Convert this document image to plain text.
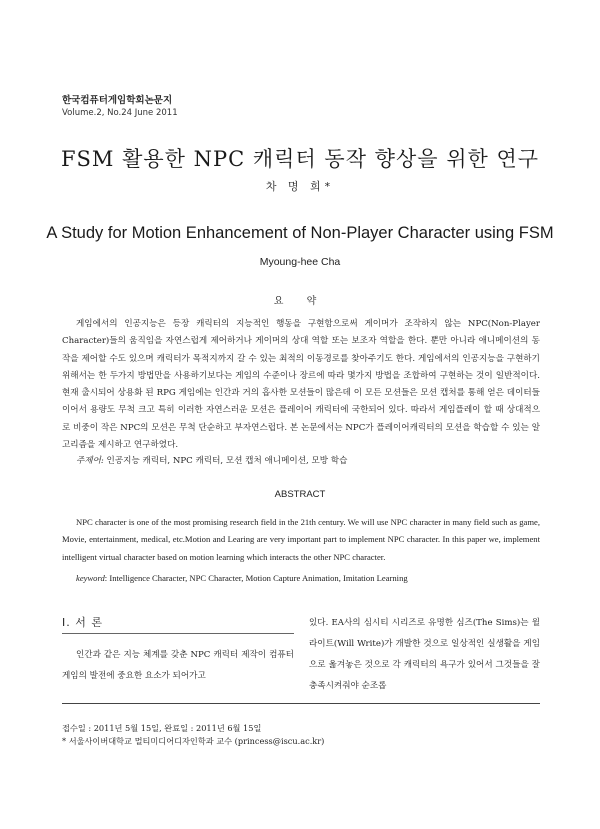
한국컴퓨터게임학회논문지
Volume.2, No.24 June 2011
FSM 활용한 NPC 캐릭터 동작 향상을 위한 연구
차 명 희*
A Study for Motion Enhancement of Non-Player Character using FSM
Myoung-hee Cha
요 약

게임에서의 인공지능은 등장 캐릭터의 지능적인 행동을 구현함으로써 게이머가 조작하지 않는 NPC(Non-Player Character)들의 움직임을 자연스럽게 제어하거나 게이머의 상대 역할 또는 보조자 역할을 한다. 뿐만 아니라 애니메이션의 동작을 제어할 수도 있으며 캐릭터가 목적지까지 갈 수 있는 최적의 이동경로를 찾아주기도 한다. 게임에서의 인공지능을 구현하기 위해서는 한 두가지 방법만을 사용하기보다는 게임의 수준이나 장르에 따라 몇가지 방법을 조합하여 구현하는 것이 일반적이다. 현재 출시되어 상용화 된 RPG 게임에는 인간과 거의 흡사한 모션들이 많은데 이 모든 모션들은 모션 캡처를 통해 얻은 데이터들이어서 용량도 무척 크고 특히 이러한 자연스러운 모션은 플레이어 캐릭터에 국한되어 있다. 따라서 게임플레이 할 때 상대적으로 비중이 작은 NPC의 모션은 무척 단순하고 부자연스럽다. 본 논문에서는 NPC가 플레이어캐릭터의 모션을 학습할 수 있는 알고리즘을 제시하고 연구하였다.

주제어: 인공지능 캐릭터, NPC 캐릭터, 모션 캡처 애니메이션, 모방 학습
ABSTRACT

NPC character is one of the most promising research field in the 21th century. We will use NPC character in many field such as game, Movie, entertainment, medical, etc.Motion and Learing are very important part to implement NPC character. In this paper we, implement intelligent virtual character based on motion learning which interacts the other NPC character.

keyword: Intelligence Character, NPC Character, Motion Capture Animation, Imitation Learning
Ⅰ. 서 론

인간과 같은 지능 체계를 갖춘 NPC 캐릭터 제작이 컴퓨터 게임의 발전에 중요한 요소가 되어가고

있다. EA사의 심시티 시리즈로 유명한 심즈(The Sims)는 윌라이트(Will Write)가 개발한 것으로 일상적인 실생활을 게임으로 옮겨놓은 것으로 각 캐릭터의 욕구가 있어서 그것들을 잘 충족시켜줘야 순조롭

접수일 : 2011년 5월 15일, 완료일 : 2011년 6월 15일

* 서울사이버대학교 멀티미디어디자인학과 교수 (princess@iscu.ac.kr)
